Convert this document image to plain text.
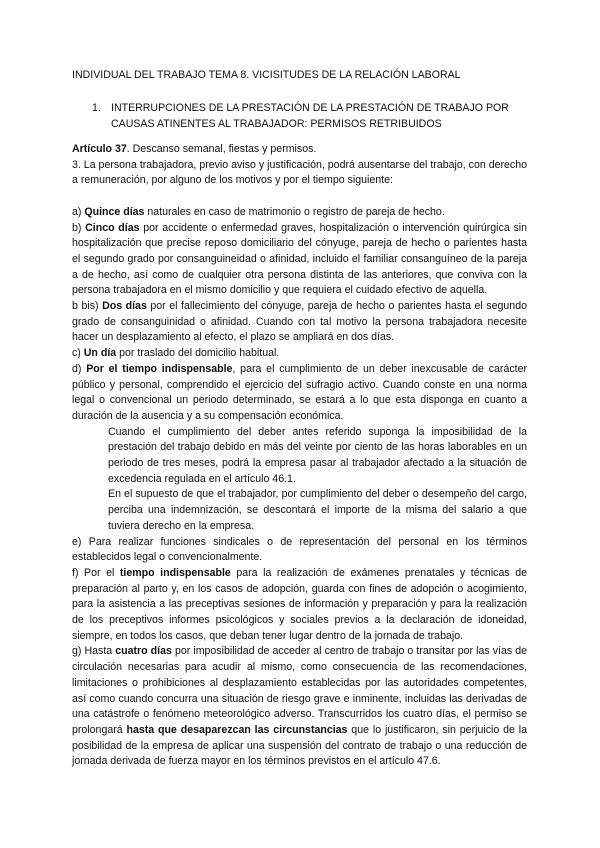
INDIVIDUAL DEL TRABAJO TEMA 8. VICISITUDES DE LA RELACIÓN LABORAL
1. INTERRUPCIONES DE LA PRESTACIÓN DE LA PRESTACIÓN DE TRABAJO POR CAUSAS ATINENTES AL TRABAJADOR: PERMISOS RETRIBUIDOS

Artículo 37. Descanso semanal, fiestas y permisos.

3. La persona trabajadora, previo aviso y justificación, podrá ausentarse del trabajo, con derecho a remuneración, por alguno de los motivos y por el tiempo siguiente:

a) Quince días naturales en caso de matrimonio o registro de pareja de hecho.

b) Cinco días por accidente o enfermedad graves, hospitalización o intervención quirúrgica sin hospitalización que precise reposo domiciliario del cónyuge, pareja de hecho o parientes hasta el segundo grado por consanguineidad o afinidad, incluido el familiar consanguíneo de la pareja a de hecho, así como de cualquier otra persona distinta de las anteriores, que conviva con la persona trabajadora en el mismo domicilio y que requiera el cuidado efectivo de aquella.

b bis) Dos días por el fallecimiento del cónyuge, pareja de hecho o parientes hasta el segundo grado de consanguinidad o afinidad. Cuando con tal motivo la persona trabajadora necesite hacer un desplazamiento al efecto, el plazo se ampliará en dos días.

c) Un día por traslado del domicilio habitual.

d) Por el tiempo indispensable, para el cumplimiento de un deber inexcusable de carácter público y personal, comprendido el ejercicio del sufragio activo. Cuando conste en una norma legal o convencional un periodo determinado, se estará a lo que esta disponga en cuanto a duración de la ausencia y a su compensación económica.

Cuando el cumplimiento del deber antes referido suponga la imposibilidad de la prestación del trabajo debido en más del veinte por ciento de las horas laborables en un periodo de tres meses, podrá la empresa pasar al trabajador afectado a la situación de excedencia regulada en el artículo 46.1.

En el supuesto de que el trabajador, por cumplimiento del deber o desempeño del cargo, perciba una indemnización, se descontará el importe de la misma del salario a que tuviera derecho en la empresa.

e) Para realizar funciones sindicales o de representación del personal en los términos establecidos legal o convencionalmente.

f) Por el tiempo indispensable para la realización de exámenes prenatales y técnicas de preparación al parto y, en los casos de adopción, guarda con fines de adopción o acogimiento, para la asistencia a las preceptivas sesiones de información y preparación y para la realización de los preceptivos informes psicológicos y sociales previos a la declaración de idoneidad, siempre, en todos los casos, que deban tener lugar dentro de la jornada de trabajo.

g) Hasta cuatro días por imposibilidad de acceder al centro de trabajo o transitar por las vías de circulación necesarias para acudir al mismo, como consecuencia de las recomendaciones, limitaciones o prohibiciones al desplazamiento establecidas por las autoridades competentes, así como cuando concurra una situación de riesgo grave e inminente, incluidas las derivadas de una catástrofe o fenómeno meteorológico adverso. Transcurridos los cuatro días, el permiso se prolongará hasta que desaparezcan las circunstancias que lo justificaron, sin perjuicio de la posibilidad de la empresa de aplicar una suspensión del contrato de trabajo o una reducción de jornada derivada de fuerza mayor en los términos previstos en el artículo 47.6.
